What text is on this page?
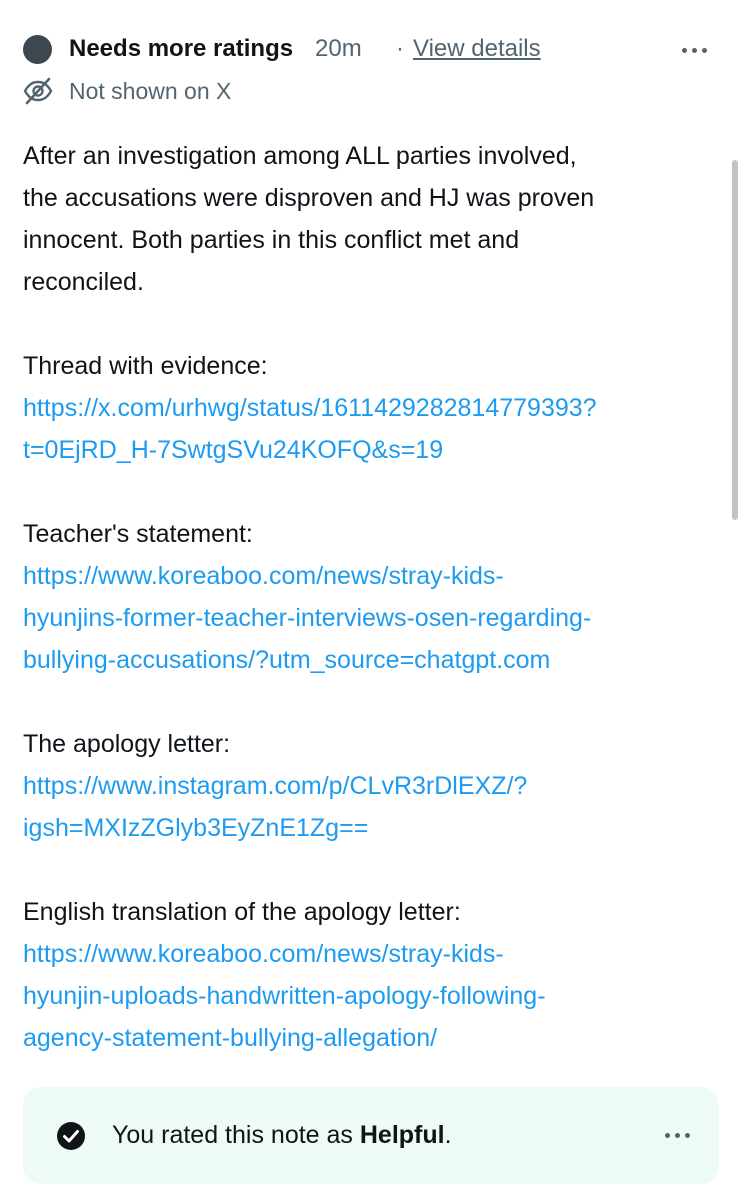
Needs more ratings 20m View details
·
Not shown on X

After an investigation among ALL parties involved,

the accusations were disproven and HJ was proven

innocent. Both parties in this conflict met and

reconciled.

Thread with evidence:

https://x.com/urhwg/status/1611429282814779393?
t=0EjRD_H-7SwtgSVu24KOFQ&s=19

Teacher's statement:

https://www.koreaboo.com/news/stray-kids-
hyunjins-former-teacher-interviews-osen-regarding-
bullying-accusations/?utm_source=chatgpt.com

The apology letter:

https://www.instagram.com/p/CLvR3rDlEXZ/?
igsh=MXIzZGlyb3EyZnE1Zg==

English translation of the apology letter:

https://www.koreaboo.com/news/stray-kids-
hyunjin-uploads-handwritten-apology-following-
agency-statement-bullying-allegation/
You rated this note as Helpful.
